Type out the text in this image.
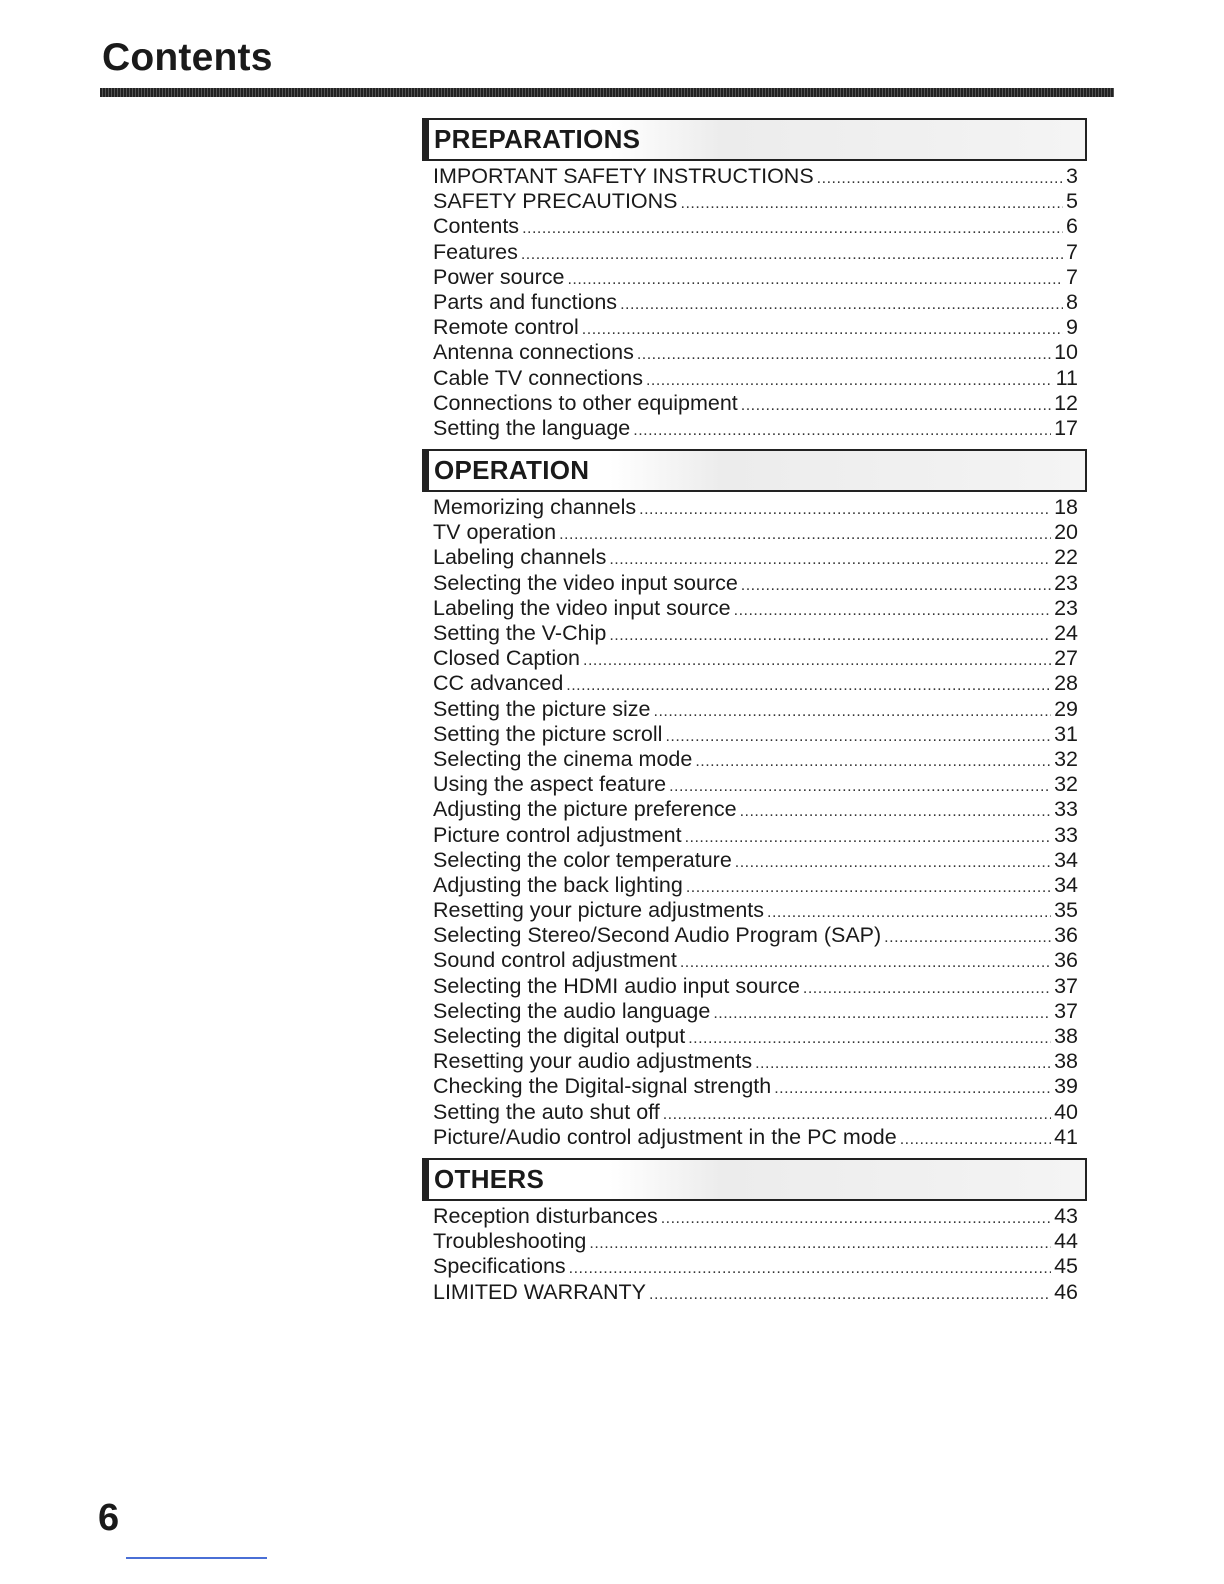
Contents
PREPARATIONS
IMPORTANT SAFETY INSTRUCTIONS .....	3
SAFETY PRECAUTIONS .....	5
Contents .....	6
Features .....	7
Power source .....	7
Parts and functions .....	8
Remote control .....	9
Antenna connections .....	10
Cable TV connections .....	11
Connections to other equipment .....	12
Setting the language .....	17
OPERATION
Memorizing channels .....	18
TV operation .....	20
Labeling channels .....	22
Selecting the video input source .....	23
Labeling the video input source .....	23
Setting the V-Chip .....	24
Closed Caption .....	27
CC advanced .....	28
Setting the picture size .....	29
Setting the picture scroll .....	31
Selecting the cinema mode .....	32
Using the aspect feature .....	32
Adjusting the picture preference .....	33
Picture control adjustment .....	33
Selecting the color temperature .....	34
Adjusting the back lighting .....	34
Resetting your picture adjustments .....	35
Selecting Stereo/Second Audio Program (SAP) .....	36
Sound control adjustment .....	36
Selecting the HDMI audio input source .....	37
Selecting the audio language .....	37
Selecting the digital output .....	38
Resetting your audio adjustments .....	38
Checking the Digital-signal strength .....	39
Setting the auto shut off .....	40
Picture/Audio control adjustment in the PC mode .....	41
OTHERS
Reception disturbances .....	43
Troubleshooting .....	44
Specifications .....	45
LIMITED WARRANTY .....	46
6
